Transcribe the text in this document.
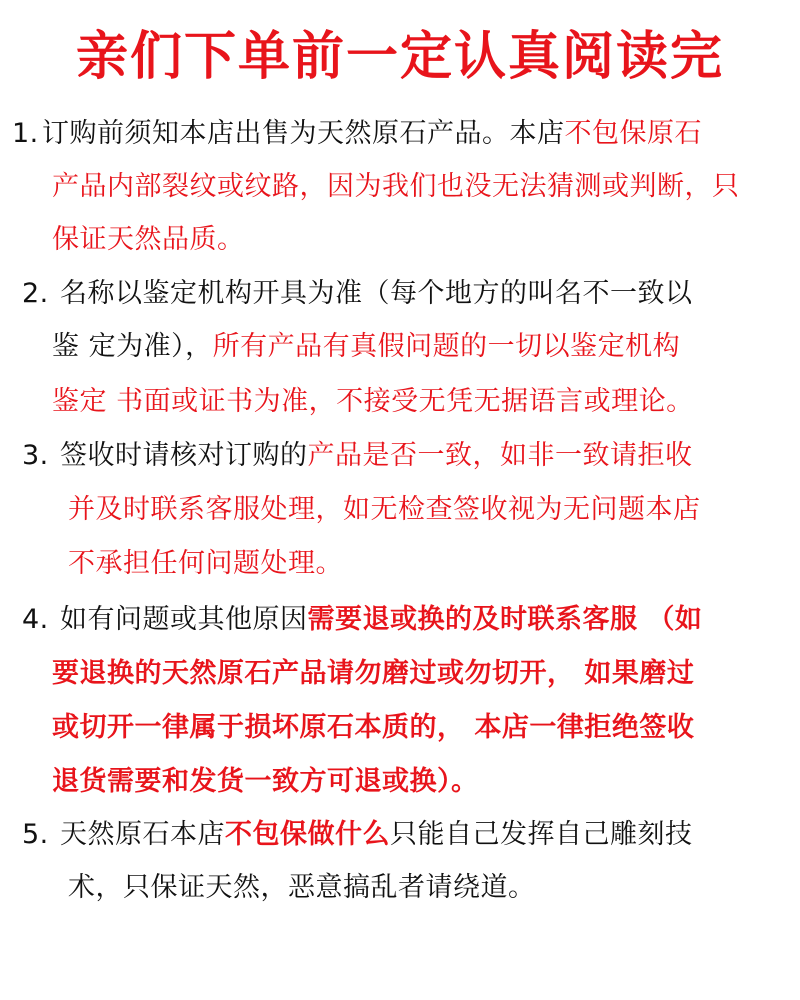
亲们下单前一定认真阅读完
1. 订购前须知本店出售为天然原石产品。本店不包保原石
产品内部裂纹或纹路，因为我们也没无法猜测或判断，只
保证天然品质。
2. 名称以鉴定机构开具为准（每个地方的叫名不一致以
鉴 定为准），所有产品有真假问题的一切以鉴定机构
鉴定 书面或证书为准，不接受无凭无据语言或理论。
3. 签收时请核对订购的产品是否一致，如非一致请拒收
并及时联系客服处理，如无检查签收视为无问题本店
不承担任何问题处理。
4. 如有问题或其他原因需要退或换的及时联系客服 （如
要退换的天然原石产品请勿磨过或勿切开， 如果磨过
或切开一律属于损坏原石本质的， 本店一律拒绝签收
退货需要和发货一致方可退或换）。
5. 天然原石本店不包保做什么只能自己发挥自己雕刻技
术，只保证天然，恶意搞乱者请绕道。
